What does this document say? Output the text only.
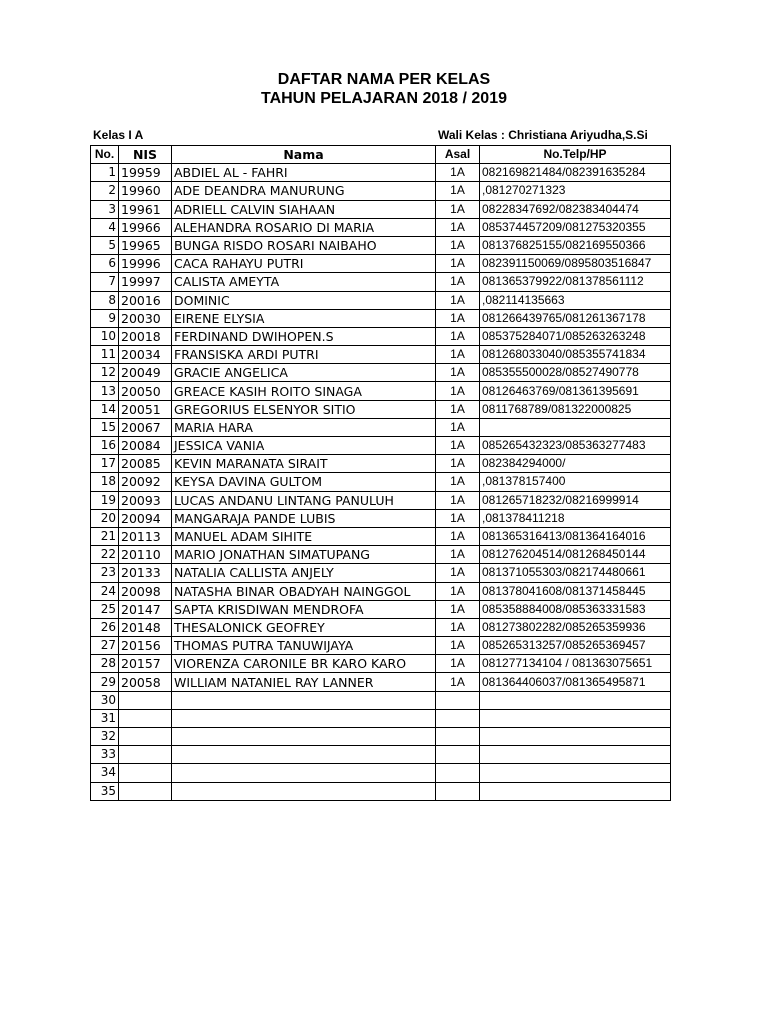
DAFTAR NAMA PER KELAS
TAHUN PELAJARAN 2018 / 2019
Kelas I A	Wali Kelas : Christiana Ariyudha,S.Si
No.	NIS	Nama	Asal	No.Telp/HP
1	19959	ABDIEL AL - FAHRI	1A	082169821484/082391635284
2	19960	ADE DEANDRA MANURUNG	1A	,081270271323
3	19961	ADRIELL CALVIN SIAHAAN	1A	08228347692/082383404474
4	19966	ALEHANDRA ROSARIO DI MARIA	1A	085374457209/081275320355
5	19965	BUNGA RISDO ROSARI NAIBAHO	1A	081376825155/082169550366
6	19996	CACA RAHAYU PUTRI	1A	082391150069/0895803516847
7	19997	CALISTA AMEYTA	1A	081365379922/081378561112
8	20016	DOMINIC	1A	,082114135663
9	20030	EIRENE ELYSIA	1A	081266439765/081261367178
10	20018	FERDINAND DWIHOPEN.S	1A	085375284071/085263263248
11	20034	FRANSISKA ARDI PUTRI	1A	081268033040/085355741834
12	20049	GRACIE ANGELICA	1A	085355500028/08527490778
13	20050	GREACE KASIH ROITO SINAGA	1A	08126463769/081361395691
14	20051	GREGORIUS ELSENYOR SITIO	1A	0811768789/081322000825
15	20067	MARIA HARA	1A	
16	20084	JESSICA VANIA	1A	085265432323/085363277483
17	20085	KEVIN MARANATA SIRAIT	1A	082384294000/
18	20092	KEYSA DAVINA GULTOM	1A	,081378157400
19	20093	LUCAS ANDANU LINTANG PANULUH	1A	081265718232/08216999914
20	20094	MANGARAJA PANDE LUBIS	1A	,081378411218
21	20113	MANUEL ADAM SIHITE	1A	081365316413/081364164016
22	20110	MARIO JONATHAN SIMATUPANG	1A	081276204514/081268450144
23	20133	NATALIA CALLISTA ANJELY	1A	081371055303/082174480661
24	20098	NATASHA BINAR OBADYAH NAINGGOL	1A	081378041608/081371458445
25	20147	SAPTA KRISDIWAN MENDROFA	1A	085358884008/085363331583
26	20148	THESALONICK GEOFREY	1A	081273802282/085265359936
27	20156	THOMAS PUTRA TANUWIJAYA	1A	085265313257/085265369457
28	20157	VIORENZA CARONILE BR KARO KARO	1A	081277134104 / 081363075651
29	20058	WILLIAM NATANIEL RAY LANNER	1A	081364406037/081365495871
30				
31				
32				
33				
34				
35				
